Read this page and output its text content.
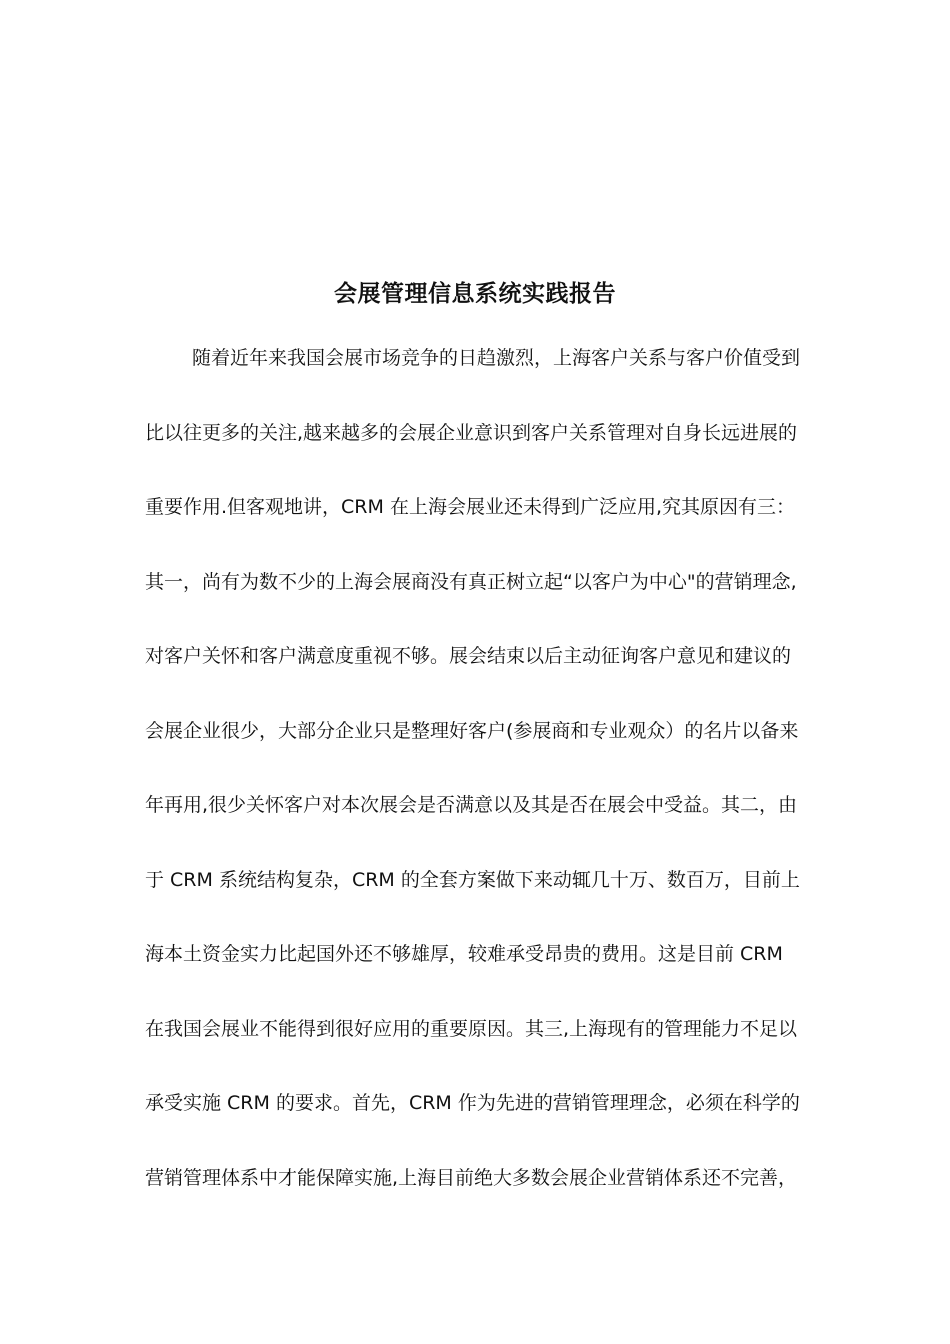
会展管理信息系统实践报告
随着近年来我国会展市场竞争的日趋激烈，上海客户关系与客户价值受到
比以往更多的关注,越来越多的会展企业意识到客户关系管理对自身长远进展的
重要作用.但客观地讲，CRM 在上海会展业还未得到广泛应用,究其原因有三：
其一，尚有为数不少的上海会展商没有真正树立起“以客户为中心"的营销理念,
对客户关怀和客户满意度重视不够。展会结束以后主动征询客户意见和建议的
会展企业很少，大部分企业只是整理好客户(参展商和专业观众）的名片以备来
年再用,很少关怀客户对本次展会是否满意以及其是否在展会中受益。其二，由
于 CRM 系统结构复杂，CRM 的全套方案做下来动辄几十万、数百万，目前上
海本土资金实力比起国外还不够雄厚，较难承受昂贵的费用。这是目前 CRM
在我国会展业不能得到很好应用的重要原因。其三,上海现有的管理能力不足以
承受实施 CRM 的要求。首先，CRM 作为先进的营销管理理念，必须在科学的
营销管理体系中才能保障实施,上海目前绝大多数会展企业营销体系还不完善，
